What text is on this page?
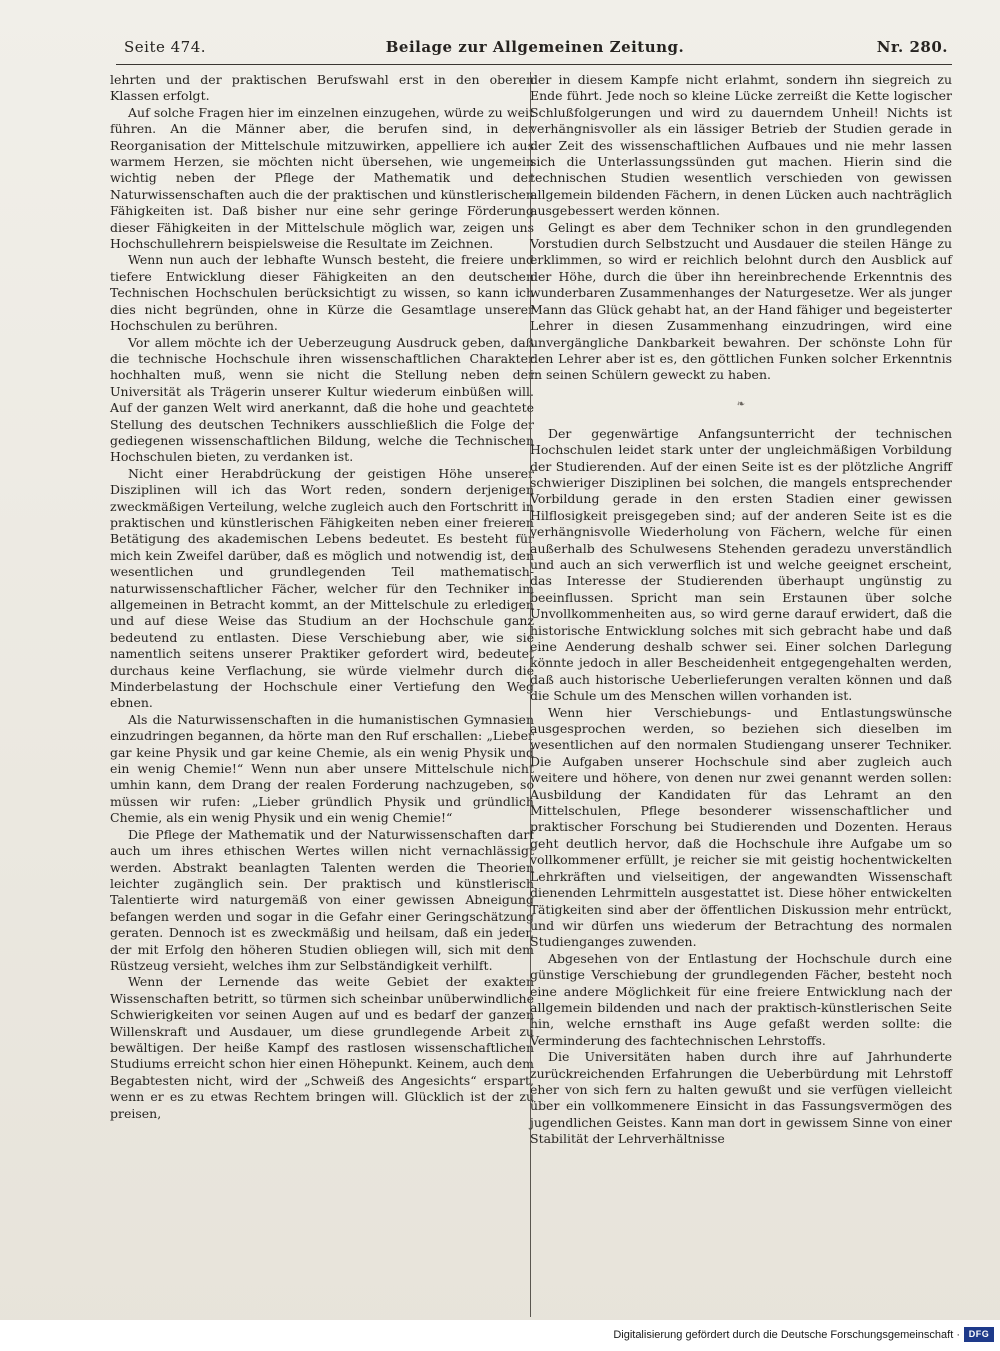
Seite 474.	Beilage zur Allgemeinen Zeitung.	Nr. 280.

lehrten und der praktischen Berufswahl erst in den oberen Klassen erfolgt.

Auf solche Fragen hier im einzelnen einzugehen, würde zu weit führen. An die Männer aber, die berufen sind, in der Reorganisation der Mittelschule mitzuwirken, appelliere ich aus warmem Herzen, sie möchten nicht übersehen, wie ungemein wichtig neben der Pflege der Mathematik und der Naturwissenschaften auch die der praktischen und künstlerischen Fähigkeiten ist. Daß bisher nur eine sehr geringe Förderung dieser Fähigkeiten in der Mittelschule möglich war, zeigen uns Hochschullehrern beispielsweise die Resultate im Zeichnen.

Wenn nun auch der lebhafte Wunsch besteht, die freiere und tiefere Entwicklung dieser Fähigkeiten an den deutschen Technischen Hochschulen berücksichtigt zu wissen, so kann ich dies nicht begründen, ohne in Kürze die Gesamtlage unserer Hochschulen zu berühren.

Vor allem möchte ich der Ueberzeugung Ausdruck geben, daß die technische Hochschule ihren wissenschaftlichen Charakter hochhalten muß, wenn sie nicht die Stellung neben der Universität als Trägerin unserer Kultur wiederum einbüßen will. Auf der ganzen Welt wird anerkannt, daß die hohe und geachtete Stellung des deutschen Technikers ausschließlich die Folge der gediegenen wissenschaftlichen Bildung, welche die Technischen Hochschulen bieten, zu verdanken ist.

Nicht einer Herabdrückung der geistigen Höhe unserer Disziplinen will ich das Wort reden, sondern derjenigen zweckmäßigen Verteilung, welche zugleich auch den Fortschritt in praktischen und künstlerischen Fähigkeiten neben einer freieren Betätigung des akademischen Lebens bedeutet. Es besteht für mich kein Zweifel darüber, daß es möglich und notwendig ist, den wesentlichen und grundlegenden Teil mathematisch-naturwissenschaftlicher Fächer, welcher für den Techniker im allgemeinen in Betracht kommt, an der Mittelschule zu erledigen und auf diese Weise das Studium an der Hochschule ganz bedeutend zu entlasten. Diese Verschiebung aber, wie sie namentlich seitens unserer Praktiker gefordert wird, bedeutet durchaus keine Verflachung, sie würde vielmehr durch die Minderbelastung der Hochschule einer Vertiefung den Weg ebnen.

Als die Naturwissenschaften in die humanistischen Gymnasien einzudringen begannen, da hörte man den Ruf erschallen: „Lieber gar keine Physik und gar keine Chemie, als ein wenig Physik und ein wenig Chemie!“ Wenn nun aber unsere Mittelschule nicht umhin kann, dem Drang der realen Forderung nachzugeben, so müssen wir rufen: „Lieber gründlich Physik und gründlich Chemie, als ein wenig Physik und ein wenig Chemie!“

Die Pflege der Mathematik und der Naturwissenschaften darf auch um ihres ethischen Wertes willen nicht vernachlässigt werden. Abstrakt beanlagten Talenten werden die Theorien leichter zugänglich sein. Der praktisch und künstlerisch Talentierte wird naturgemäß von einer gewissen Abneigung befangen werden und sogar in die Gefahr einer Geringschätzung geraten. Dennoch ist es zweckmäßig und heilsam, daß ein jeder, der mit Erfolg den höheren Studien obliegen will, sich mit dem Rüstzeug versieht, welches ihm zur Selbständigkeit verhilft.

Wenn der Lernende das weite Gebiet der exakten Wissenschaften betritt, so türmen sich scheinbar unüberwindliche Schwierigkeiten vor seinen Augen auf und es bedarf der ganzen Willenskraft und Ausdauer, um diese grundlegende Arbeit zu bewältigen. Der heiße Kampf des rastlosen wissenschaftlichen Studiums erreicht schon hier einen Höhepunkt. Keinem, auch dem Begabtesten nicht, wird der „Schweiß des Angesichts“ erspart, wenn er es zu etwas Rechtem bringen will. Glücklich ist der zu preisen,

der in diesem Kampfe nicht erlahmt, sondern ihn siegreich zu Ende führt. Jede noch so kleine Lücke zerreißt die Kette logischer Schlußfolgerungen und wird zu dauerndem Unheil! Nichts ist verhängnisvoller als ein lässiger Betrieb der Studien gerade in der Zeit des wissenschaftlichen Aufbaues und nie mehr lassen sich die Unterlassungssünden gut machen. Hierin sind die technischen Studien wesentlich verschieden von gewissen allgemein bildenden Fächern, in denen Lücken auch nachträglich ausgebessert werden können.

Gelingt es aber dem Techniker schon in den grundlegenden Vorstudien durch Selbstzucht und Ausdauer die steilen Hänge zu erklimmen, so wird er reichlich belohnt durch den Ausblick auf der Höhe, durch die über ihn hereinbrechende Erkenntnis des wunderbaren Zusammenhanges der Naturgesetze. Wer als junger Mann das Glück gehabt hat, an der Hand fähiger und begeisterter Lehrer in diesen Zusammenhang einzudringen, wird eine unvergängliche Dankbarkeit bewahren. Der schönste Lohn für den Lehrer aber ist es, den göttlichen Funken solcher Erkenntnis in seinen Schülern geweckt zu haben.

❧

Der gegenwärtige Anfangsunterricht der technischen Hochschulen leidet stark unter der ungleichmäßigen Vorbildung der Studierenden. Auf der einen Seite ist es der plötzliche Angriff schwieriger Disziplinen bei solchen, die mangels entsprechender Vorbildung gerade in den ersten Stadien einer gewissen Hilflosigkeit preisgegeben sind; auf der anderen Seite ist es die verhängnisvolle Wiederholung von Fächern, welche für einen außerhalb des Schulwesens Stehenden geradezu unverständlich und auch an sich verwerflich ist und welche geeignet erscheint, das Interesse der Studierenden überhaupt ungünstig zu beeinflussen. Spricht man sein Erstaunen über solche Unvollkommenheiten aus, so wird gerne darauf erwidert, daß die historische Entwicklung solches mit sich gebracht habe und daß eine Aenderung deshalb schwer sei. Einer solchen Darlegung könnte jedoch in aller Bescheidenheit entgegengehalten werden, daß auch historische Ueberlieferungen veralten können und daß die Schule um des Menschen willen vorhanden ist.

Wenn hier Verschiebungs- und Entlastungswünsche ausgesprochen werden, so beziehen sich dieselben im wesentlichen auf den normalen Studiengang unserer Techniker. Die Aufgaben unserer Hochschule sind aber zugleich auch weitere und höhere, von denen nur zwei genannt werden sollen: Ausbildung der Kandidaten für das Lehramt an den Mittelschulen, Pflege besonderer wissenschaftlicher und praktischer Forschung bei Studierenden und Dozenten. Heraus geht deutlich hervor, daß die Hochschule ihre Aufgabe um so vollkommener erfüllt, je reicher sie mit geistig hochentwickelten Lehrkräften und vielseitigen, der angewandten Wissenschaft dienenden Lehrmitteln ausgestattet ist. Diese höher entwickelten Tätigkeiten sind aber der öffentlichen Diskussion mehr entrückt, und wir dürfen uns wiederum der Betrachtung des normalen Studienganges zuwenden.

Abgesehen von der Entlastung der Hochschule durch eine günstige Verschiebung der grundlegenden Fächer, besteht noch eine andere Möglichkeit für eine freiere Entwicklung nach der allgemein bildenden und nach der praktisch-künstlerischen Seite hin, welche ernsthaft ins Auge gefaßt werden sollte: die Verminderung des fachtechnischen Lehrstoffs.

Die Universitäten haben durch ihre auf Jahrhunderte zurückreichenden Erfahrungen die Ueberbürdung mit Lehrstoff eher von sich fern zu halten gewußt und sie verfügen vielleicht über ein vollkommenere Einsicht in das Fassungsvermögen des jugendlichen Geistes. Kann man dort in gewissem Sinne von einer Stabilität der Lehrverhältnisse

Digitalisierung gefördert durch die Deutsche Forschungsgemeinschaft · DFG
